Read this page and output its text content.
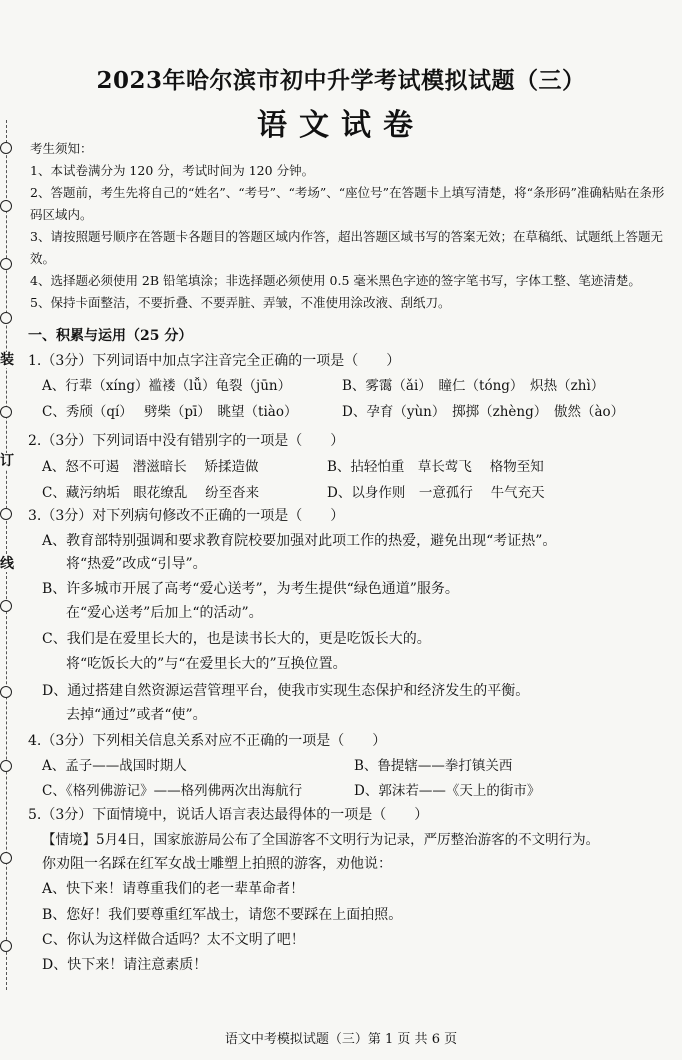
装
订
线
2023年哈尔滨市初中升学考试模拟试题（三）
语文试卷
考生须知：
1、本试卷满分为 120 分，考试时间为 120 分钟。
2、答题前，考生先将自己的“姓名”、“考号”、“考场”、“座位号”在答题卡上填写清楚，将“条形码”准确粘贴在条形码区域内。
3、请按照题号顺序在答题卡各题目的答题区域内作答，超出答题区域书写的答案无效；在草稿纸、试题纸上答题无效。
4、选择题必须使用 2B 铅笔填涂；非选择题必须使用 0.5 毫米黑色字迹的签字笔书写，字体工整、笔迹清楚。
5、保持卡面整洁，不要折叠、不要弄脏、弄皱，不准使用涂改液、刮纸刀。
一、积累与运用（25 分）
1.（3分）下列词语中加点字注音完全正确的一项是（　　）
A、行辈（xíng）褴褛（lǚ）龟裂（jūn）	B、雾霭（ǎi）　瞳仁（tóng）　炽热（zhì）
C、秀颀（qí）　 劈柴（pī）　眺望（tiào）	D、孕育（yùn）　掷掷（zhèng）　傲然（ào）
2.（3分）下列词语中没有错别字的一项是（　　）
A、怒不可遏　潜滋暗长　 矫揉造做	B、拈轻怕重　草长莺飞　 格物至知
C、藏污纳垢　眼花缭乱　 纷至沓来	D、以身作则　一意孤行　 牛气充天
3.（3分）对下列病句修改不正确的一项是（　　）
A、教育部特别强调和要求教育院校要加强对此项工作的热爱，避免出现“考证热”。
将“热爱”改成“引导”。
B、许多城市开展了高考“爱心送考”，为考生提供“绿色通道”服务。
在“爱心送考”后加上“的活动”。
C、我们是在爱里长大的，也是读书长大的，更是吃饭长大的。
将“吃饭长大的”与“在爱里长大的”互换位置。
D、通过搭建自然资源运营管理平台，使我市实现生态保护和经济发生的平衡。
去掉“通过”或者“使”。
4.（3分）下列相关信息关系对应不正确的一项是（　　）
A、孟子——战国时期人	B、鲁提辖——拳打镇关西
C、《格列佛游记》——格列佛两次出海航行	D、郭沫若——《天上的街市》
5.（3分）下面情境中，说话人语言表达最得体的一项是（　　）
【情境】5月4日，国家旅游局公布了全国游客不文明行为记录，严厉整治游客的不文明行为。
你劝阻一名踩在红军女战士雕塑上拍照的游客，劝他说：
A、快下来！请尊重我们的老一辈革命者！
B、您好！我们要尊重红军战士，请您不要踩在上面拍照。
C、你认为这样做合适吗？太不文明了吧！
D、快下来！请注意素质！
语文中考模拟试题（三）第 1 页 共 6 页
